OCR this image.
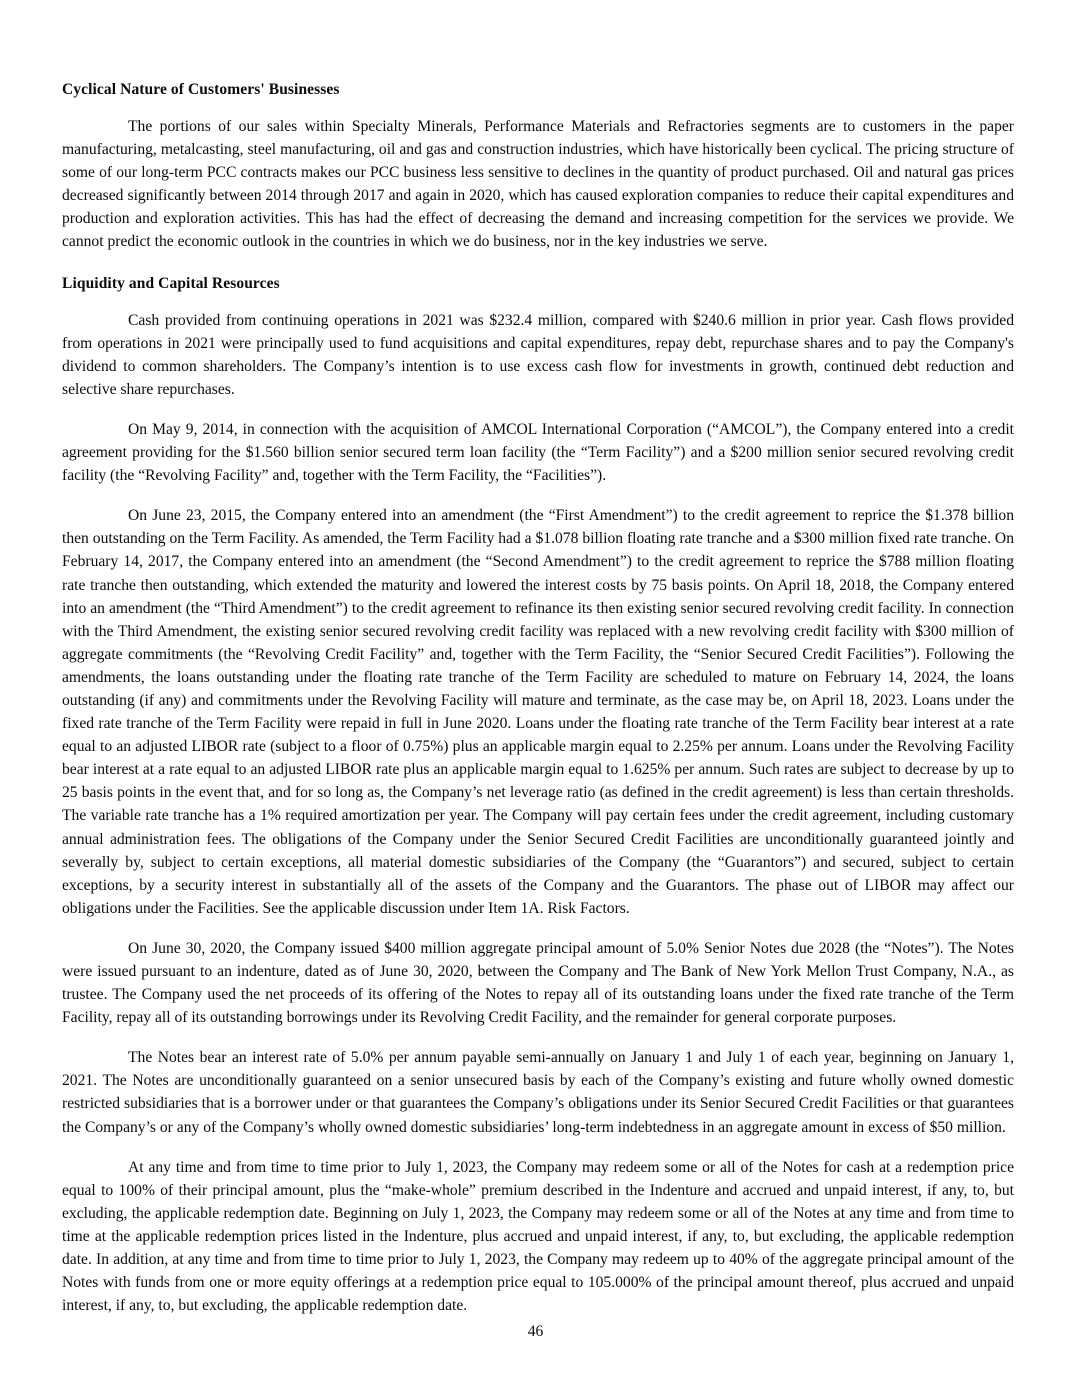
Cyclical Nature of Customers' Businesses

The portions of our sales within Specialty Minerals, Performance Materials and Refractories segments are to customers in the paper manufacturing, metalcasting, steel manufacturing, oil and gas and construction industries, which have historically been cyclical. The pricing structure of some of our long-term PCC contracts makes our PCC business less sensitive to declines in the quantity of product purchased. Oil and natural gas prices decreased significantly between 2014 through 2017 and again in 2020, which has caused exploration companies to reduce their capital expenditures and production and exploration activities. This has had the effect of decreasing the demand and increasing competition for the services we provide. We cannot predict the economic outlook in the countries in which we do business, nor in the key industries we serve.

Liquidity and Capital Resources

Cash provided from continuing operations in 2021 was $232.4 million, compared with $240.6 million in prior year. Cash flows provided from operations in 2021 were principally used to fund acquisitions and capital expenditures, repay debt, repurchase shares and to pay the Company's dividend to common shareholders. The Company’s intention is to use excess cash flow for investments in growth, continued debt reduction and selective share repurchases.

On May 9, 2014, in connection with the acquisition of AMCOL International Corporation (“AMCOL”), the Company entered into a credit agreement providing for the $1.560 billion senior secured term loan facility (the “Term Facility”) and a $200 million senior secured revolving credit facility (the “Revolving Facility” and, together with the Term Facility, the “Facilities”).

On June 23, 2015, the Company entered into an amendment (the “First Amendment”) to the credit agreement to reprice the $1.378 billion then outstanding on the Term Facility. As amended, the Term Facility had a $1.078 billion floating rate tranche and a $300 million fixed rate tranche. On February 14, 2017, the Company entered into an amendment (the “Second Amendment”) to the credit agreement to reprice the $788 million floating rate tranche then outstanding, which extended the maturity and lowered the interest costs by 75 basis points. On April 18, 2018, the Company entered into an amendment (the “Third Amendment”) to the credit agreement to refinance its then existing senior secured revolving credit facility. In connection with the Third Amendment, the existing senior secured revolving credit facility was replaced with a new revolving credit facility with $300 million of aggregate commitments (the “Revolving Credit Facility” and, together with the Term Facility, the “Senior Secured Credit Facilities”). Following the amendments, the loans outstanding under the floating rate tranche of the Term Facility are scheduled to mature on February 14, 2024, the loans outstanding (if any) and commitments under the Revolving Facility will mature and terminate, as the case may be, on April 18, 2023. Loans under the fixed rate tranche of the Term Facility were repaid in full in June 2020. Loans under the floating rate tranche of the Term Facility bear interest at a rate equal to an adjusted LIBOR rate (subject to a floor of 0.75%) plus an applicable margin equal to 2.25% per annum. Loans under the Revolving Facility bear interest at a rate equal to an adjusted LIBOR rate plus an applicable margin equal to 1.625% per annum. Such rates are subject to decrease by up to 25 basis points in the event that, and for so long as, the Company’s net leverage ratio (as defined in the credit agreement) is less than certain thresholds. The variable rate tranche has a 1% required amortization per year. The Company will pay certain fees under the credit agreement, including customary annual administration fees. The obligations of the Company under the Senior Secured Credit Facilities are unconditionally guaranteed jointly and severally by, subject to certain exceptions, all material domestic subsidiaries of the Company (the “Guarantors”) and secured, subject to certain exceptions, by a security interest in substantially all of the assets of the Company and the Guarantors. The phase out of LIBOR may affect our obligations under the Facilities. See the applicable discussion under Item 1A. Risk Factors.

On June 30, 2020, the Company issued $400 million aggregate principal amount of 5.0% Senior Notes due 2028 (the “Notes”). The Notes were issued pursuant to an indenture, dated as of June 30, 2020, between the Company and The Bank of New York Mellon Trust Company, N.A., as trustee. The Company used the net proceeds of its offering of the Notes to repay all of its outstanding loans under the fixed rate tranche of the Term Facility, repay all of its outstanding borrowings under its Revolving Credit Facility, and the remainder for general corporate purposes.

The Notes bear an interest rate of 5.0% per annum payable semi-annually on January 1 and July 1 of each year, beginning on January 1, 2021. The Notes are unconditionally guaranteed on a senior unsecured basis by each of the Company’s existing and future wholly owned domestic restricted subsidiaries that is a borrower under or that guarantees the Company’s obligations under its Senior Secured Credit Facilities or that guarantees the Company’s or any of the Company’s wholly owned domestic subsidiaries’ long-term indebtedness in an aggregate amount in excess of $50 million.

At any time and from time to time prior to July 1, 2023, the Company may redeem some or all of the Notes for cash at a redemption price equal to 100% of their principal amount, plus the “make-whole” premium described in the Indenture and accrued and unpaid interest, if any, to, but excluding, the applicable redemption date. Beginning on July 1, 2023, the Company may redeem some or all of the Notes at any time and from time to time at the applicable redemption prices listed in the Indenture, plus accrued and unpaid interest, if any, to, but excluding, the applicable redemption date. In addition, at any time and from time to time prior to July 1, 2023, the Company may redeem up to 40% of the aggregate principal amount of the Notes with funds from one or more equity offerings at a redemption price equal to 105.000% of the principal amount thereof, plus accrued and unpaid interest, if any, to, but excluding, the applicable redemption date.

46
